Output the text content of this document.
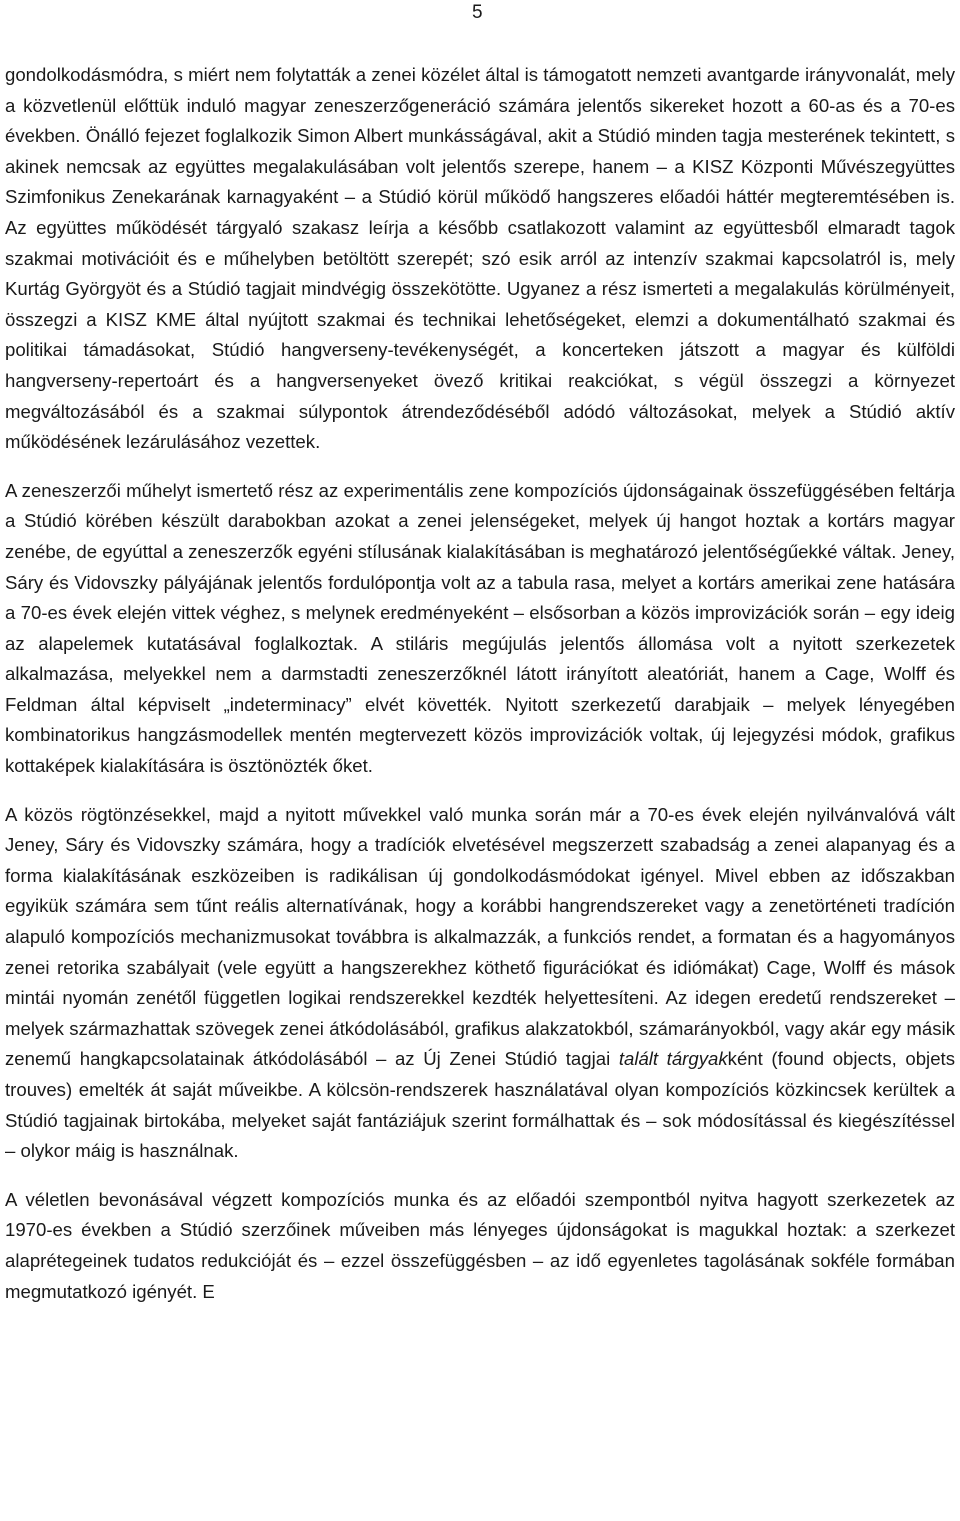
5

gondolkodásmódra, s miért nem folytatták a zenei közélet által is támogatott nemzeti avantgarde irányvonalát, mely a közvetlenül előttük induló magyar zeneszerzőgeneráció számára jelentős sikereket hozott a 60-as és a 70-es években. Önálló fejezet foglalkozik Simon Albert munkásságával, akit a Stúdió minden tagja mesterének tekintett, s akinek nemcsak az együttes megalakulásában volt jelentős szerepe, hanem – a KISZ Központi Művészegyüttes Szimfonikus Zenekarának karnagyaként – a Stúdió körül működő hangszeres előadói háttér megteremtésében is. Az együttes működését tárgyaló szakasz leírja a később csatlakozott valamint az együttesből elmaradt tagok szakmai motivációit és e műhelyben betöltött szerepét; szó esik arról az intenzív szakmai kapcsolatról is, mely Kurtág Györgyöt és a Stúdió tagjait mindvégig összekötötte. Ugyanez a rész ismerteti a megalakulás körülményeit, összegzi a KISZ KME által nyújtott szakmai és technikai lehetőségeket, elemzi a dokumentálható szakmai és politikai támadásokat, Stúdió hangverseny-tevékenységét, a koncerteken játszott a magyar és külföldi hangverseny-repertoárt és a hangversenyeket övező kritikai reakciókat, s végül összegzi a környezet megváltozásából és a szakmai súlypontok átrendeződéséből adódó változásokat, melyek a Stúdió aktív működésének lezárulásához vezettek.

A zeneszerzői műhelyt ismertető rész az experimentális zene kompozíciós újdonságainak összefüggésében feltárja a Stúdió körében készült darabokban azokat a zenei jelenségeket, melyek új hangot hoztak a kortárs magyar zenébe, de egyúttal a zeneszerzők egyéni stílusának kialakításában is meghatározó jelentőségűekké váltak. Jeney, Sáry és Vidovszky pályájának jelentős fordulópontja volt az a tabula rasa, melyet a kortárs amerikai zene hatására a 70-es évek elején vittek véghez, s melynek eredményeként – elsősorban a közös improvizációk során – egy ideig az alapelemek kutatásával foglalkoztak. A stiláris megújulás jelentős állomása volt a nyitott szerkezetek alkalmazása, melyekkel nem a darmstadti zeneszerzőknél látott irányított aleatóriát, hanem a Cage, Wolff és Feldman által képviselt „indeterminacy” elvét követték. Nyitott szerkezetű darabjaik – melyek lényegében kombinatorikus hangzásmodellek mentén megtervezett közös improvizációk voltak, új lejegyzési módok, grafikus kottaképek kialakítására is ösztönözték őket.

A közös rögtönzésekkel, majd a nyitott művekkel való munka során már a 70-es évek elején nyilvánvalóvá vált Jeney, Sáry és Vidovszky számára, hogy a tradíciók elvetésével megszerzett szabadság a zenei alapanyag és a forma kialakításának eszközeiben is radikálisan új gondolkodásmódokat igényel. Mivel ebben az időszakban egyikük számára sem tűnt reális alternatívának, hogy a korábbi hangrendszereket vagy a zenetörténeti tradíción alapuló kompozíciós mechanizmusokat továbbra is alkalmazzák, a funkciós rendet, a formatan és a hagyományos zenei retorika szabályait (vele együtt a hangszerekhez köthető figurációkat és idiómákat) Cage, Wolff és mások mintái nyomán zenétől független logikai rendszerekkel kezdték helyettesíteni. Az idegen eredetű rendszereket – melyek származhattak szövegek zenei átkódolásából, grafikus alakzatokból, számarányokból, vagy akár egy másik zenemű hangkapcsolatainak átkódolásából – az Új Zenei Stúdió tagjai talált tárgyakként (found objects, objets trouves) emelték át saját műveikbe. A kölcsön-rendszerek használatával olyan kompozíciós közkincsek kerültek a Stúdió tagjainak birtokába, melyeket saját fantáziájuk szerint formálhattak és – sok módosítással és kiegészítéssel – olykor máig is használnak.

A véletlen bevonásával végzett kompozíciós munka és az előadói szempontból nyitva hagyott szerkezetek az 1970-es években a Stúdió szerzőinek műveiben más lényeges újdonságokat is magukkal hoztak: a szerkezet alaprétegeinek tudatos redukcióját és – ezzel összefüggésben – az idő egyenletes tagolásának sokféle formában megmutatkozó igényét. E
